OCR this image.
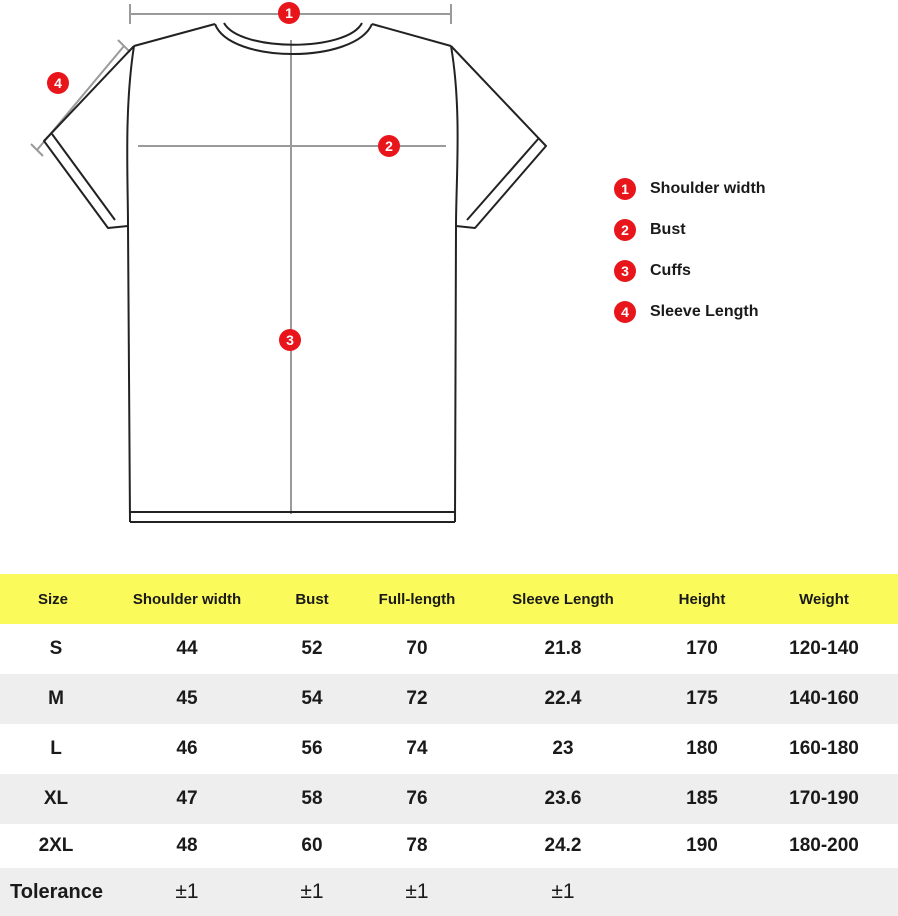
1
2
3
4
1	Shoulder width
2	Bust
3	Cuffs
4	Sleeve Length
Size	Shoulder width	Bust	Full-length	Sleeve Length	Height	Weight
S	44	52	70	21.8	170	120-140
M	45	54	72	22.4	175	140-160
L	46	56	74	23	180	160-180
XL	47	58	76	23.6	185	170-190
2XL	48	60	78	24.2	190	180-200
Tolerance	±1	±1	±1	±1		
